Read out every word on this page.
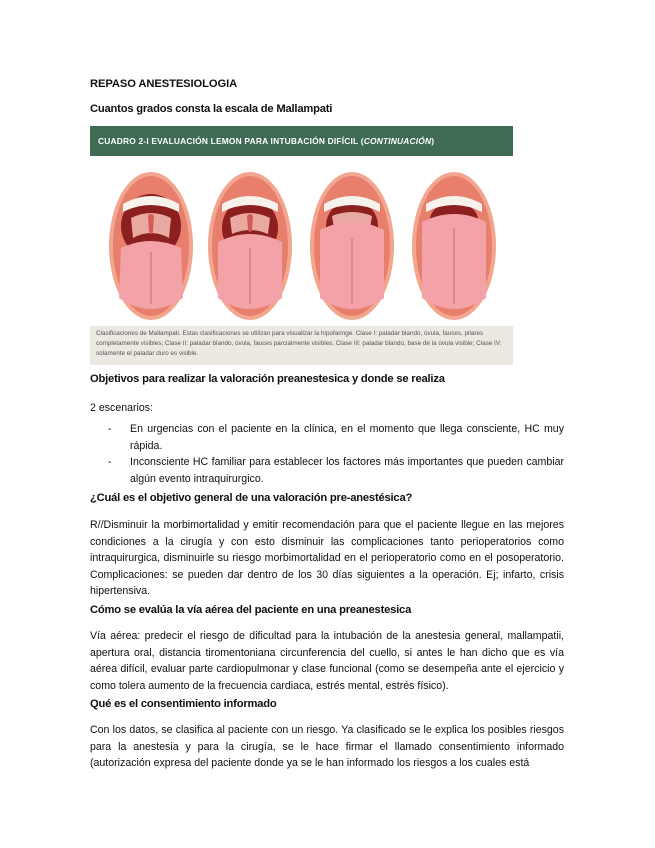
REPASO ANESTESIOLOGIA
Cuantos grados consta la escala de Mallampati
CUADRO 2-I EVALUACIÓN LEMON PARA INTUBACIÓN DIFÍCIL (CONTINUACIÓN)
Clasificaciones de Mallampati. Estas clasificaciones se utilizan para visualizar la hipofaringe. Clase I: paladar blando, úvula, fauces, pilares completamente visibles; Clase II: paladar blando, úvula, fauces parcialmente visibles; Clase III: paladar blando, base de la úvula visible; Clase IV: solamente el paladar duro es visible.
Objetivos para realizar la valoración preanestesica y donde se realiza
2 escenarios:
- En urgencias con el paciente en la clínica, en el momento que llega consciente, HC muy rápida.
- Inconsciente HC familiar para establecer los factores más importantes que pueden cambiar algún evento intraquirurgico.
¿Cuál es el objetivo general de una valoración pre-anestésica?
R//Disminuir la morbimortalidad y emitir recomendación para que el paciente llegue en las mejores condiciones a la cirugía y con esto disminuir las complicaciones tanto perioperatorios como intraquirurgica, disminuirle su riesgo morbimortalidad en el perioperatorio como en el posoperatorio. Complicaciones: se pueden dar dentro de los 30 días siguientes a la operación. Ej; infarto, crisis hipertensiva.
Cómo se evalúa la vía aérea del paciente en una preanestesica
Vía aérea: predecir el riesgo de dificultad para la intubación de la anestesia general, mallampatii, apertura oral, distancia tiromentoniana circunferencia del cuello, si antes le han dicho que es vía aérea difícil, evaluar parte cardiopulmonar y clase funcional (como se desempeña ante el ejercicio y como tolera aumento de la frecuencia cardiaca, estrés mental, estrés físico).
Qué es el consentimiento informado
Con los datos, se clasifica al paciente con un riesgo. Ya clasificado se le explica los posibles riesgos para la anestesia y para la cirugía, se le hace firmar el llamado consentimiento informado (autorización expresa del paciente donde ya se le han informado los riesgos a los cuales está
